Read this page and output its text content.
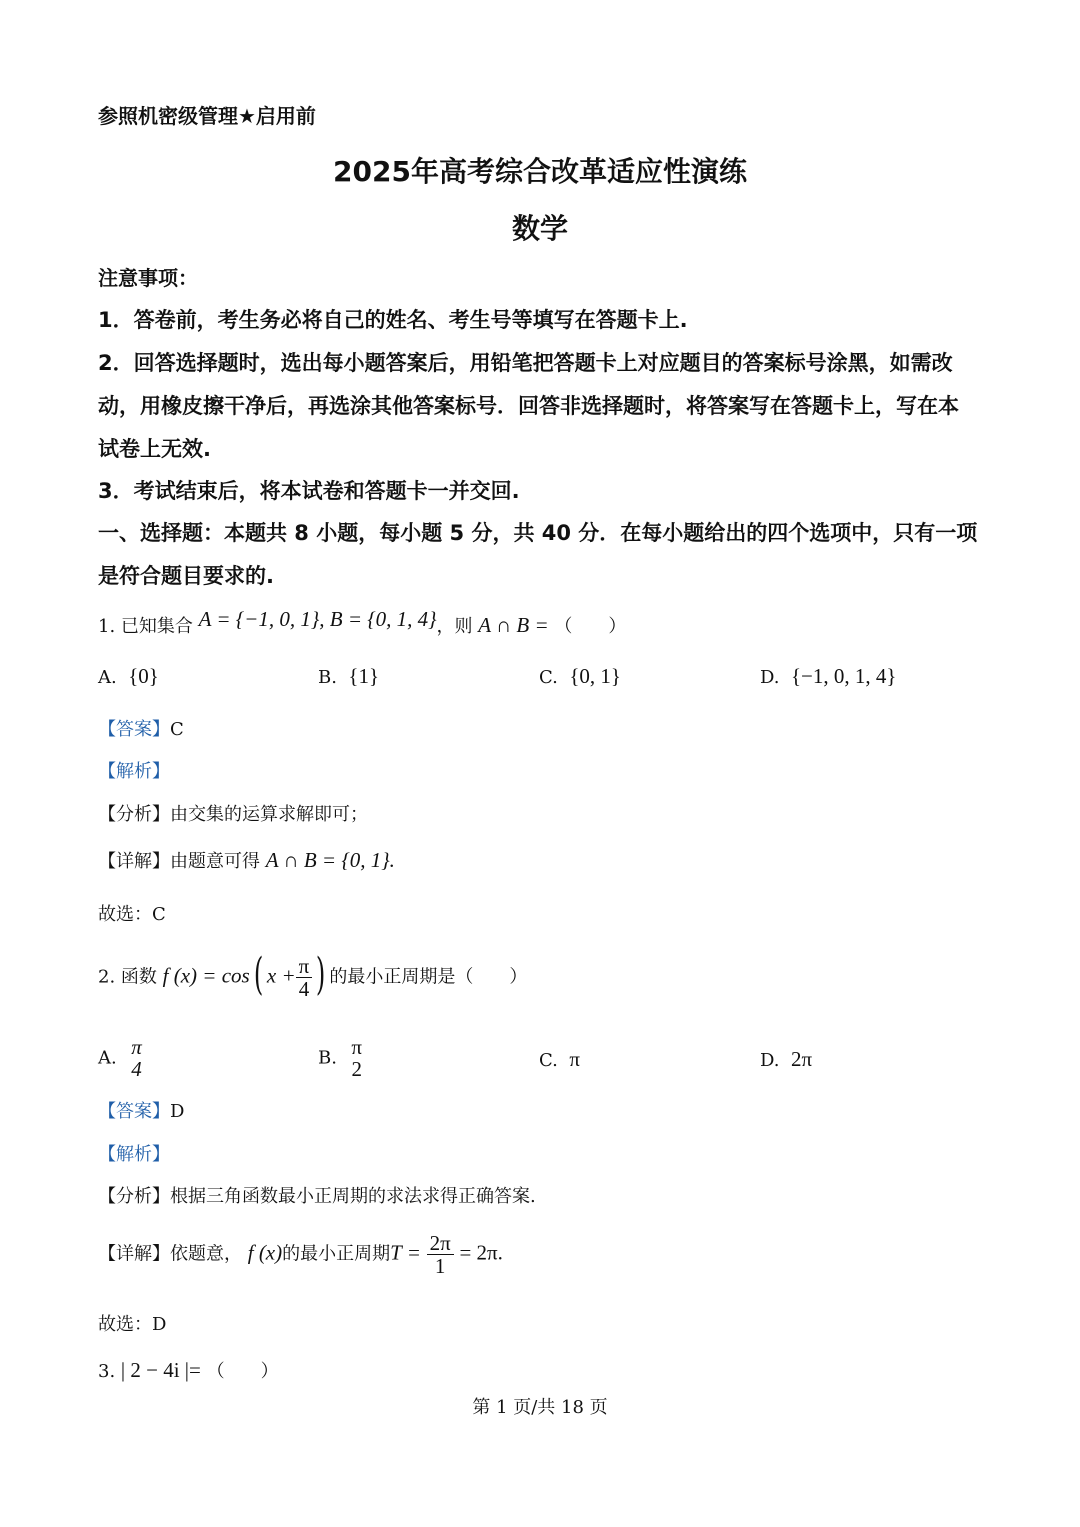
参照机密级管理★启用前
2025年高考综合改革适应性演练
数学
注意事项：
1．答卷前，考生务必将自己的姓名、考生号等填写在答题卡上.
2．回答选择题时，选出每小题答案后，用铅笔把答题卡上对应题目的答案标号涂黑，如需改
动，用橡皮擦干净后，再选涂其他答案标号．回答非选择题时，将答案写在答题卡上，写在本
试卷上无效.
3．考试结束后，将本试卷和答题卡一并交回.
一、选择题：本题共 8 小题，每小题 5 分，共 40 分．在每小题给出的四个选项中，只有一项
是符合题目要求的.
1. 已知集合 A = {−1, 0, 1}, B = {0, 1, 4}，则 A ∩ B = （　　）
A. {0}	B. {1}	C. {0, 1}	D. {−1, 0, 1, 4}
【答案】C
【解析】
【分析】由交集的运算求解即可；
【详解】由题意可得 A ∩ B = {0, 1}.
故选：C
2. 函数 f (x) = cos( $x + \frac{\pi}{4}$ ) 的最小正周期是（　　）
A. π
4	B. π
2	C. π	D. 2π
【答案】D
【解析】
【分析】根据三角函数最小正周期的求法求得正确答案.
【详解】依题意， f (x)的最小正周期$T = \frac{2\pi}{1} = 2\pi$.
故选：D
3. | 2 − 4i |= （　　）
第 1 页/共 18 页
